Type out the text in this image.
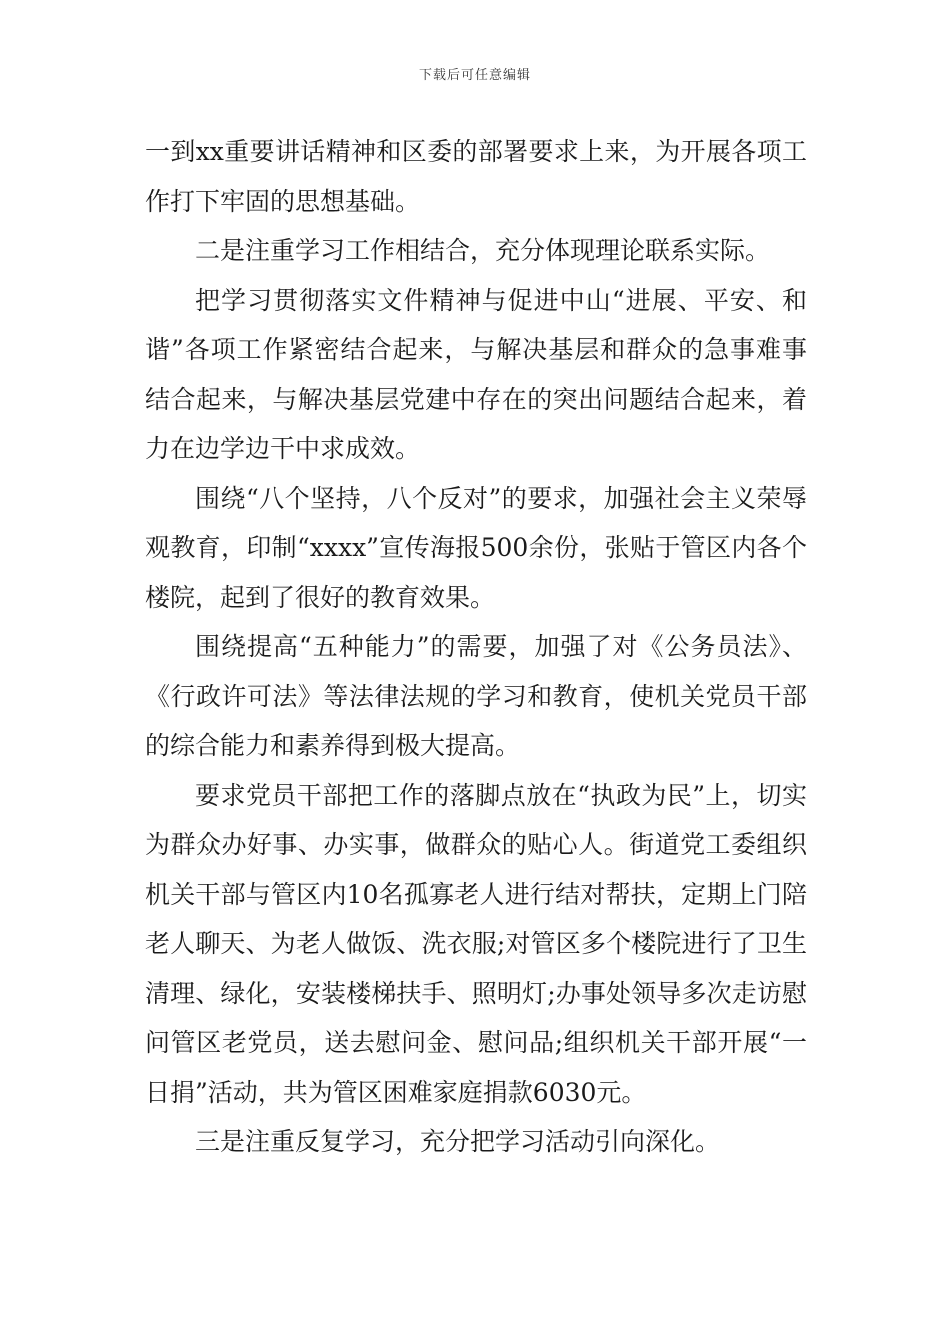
下载后可任意编辑

一到xx重要讲话精神和区委的部署要求上来，为开展各项工作打下牢固的思想基础。

二是注重学习工作相结合，充分体现理论联系实际。

把学习贯彻落实文件精神与促进中山“进展、平安、和谐”各项工作紧密结合起来，与解决基层和群众的急事难事结合起来，与解决基层党建中存在的突出问题结合起来，着力在边学边干中求成效。

围绕“八个坚持，八个反对”的要求，加强社会主义荣辱观教育，印制“xxxx”宣传海报500余份，张贴于管区内各个楼院，起到了很好的教育效果。

围绕提高“五种能力”的需要，加强了对《公务员法》、《行政许可法》等法律法规的学习和教育，使机关党员干部的综合能力和素养得到极大提高。

要求党员干部把工作的落脚点放在“执政为民”上，切实为群众办好事、办实事，做群众的贴心人。街道党工委组织机关干部与管区内10名孤寡老人进行结对帮扶，定期上门陪老人聊天、为老人做饭、洗衣服;对管区多个楼院进行了卫生清理、绿化，安装楼梯扶手、照明灯;办事处领导多次走访慰问管区老党员，送去慰问金、慰问品;组织机关干部开展“一日捐”活动，共为管区困难家庭捐款6030元。

三是注重反复学习，充分把学习活动引向深化。
